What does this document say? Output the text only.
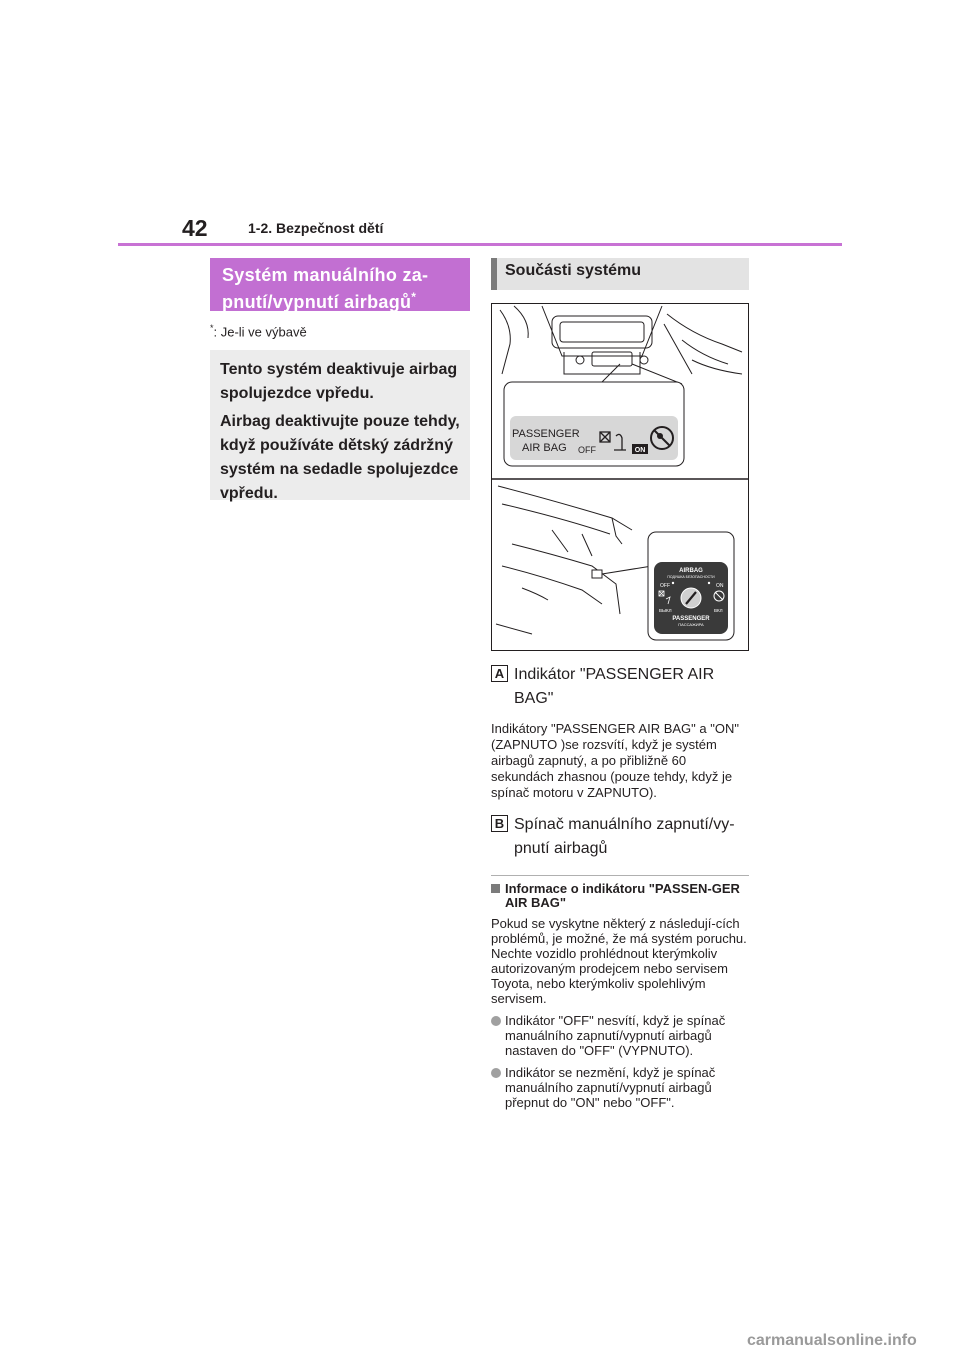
42	1-2. Bezpečnost dětí
Systém manuálního za-
pnutí/vypnutí airbagů*
*: Je-li ve výbavě

Tento systém deaktivuje airbag spolujezdce vpředu.

Airbag deaktivujte pouze tehdy, když používáte dětský zádržný systém na sedadle spolujezdce vpředu.

Součásti systému
PASSENGER
AIR BAG OFF	ON
AIRBAG
ПОДУШКА БЕЗОПАСНОСТИ
OFF	ON
ВЫКЛ	ВКЛ
PASSENGER
ПАССАЖИРА
A Indikátor "PASSENGER AIR BAG"
Indikátory "PASSENGER AIR BAG" a "ON" (ZAPNUTO )se rozsvítí, když je systém airbagů zapnutý, a po přibližně 60 sekundách zhasnou (pouze tehdy, když je spínač motoru v ZAPNUTO).
B Spínač manuálního zapnutí/vy-pnutí airbagů
Informace o indikátoru "PASSEN-GER AIR BAG"
Pokud se vyskytne některý z následují-cích problémů, je možné, že má systém poruchu. Nechte vozidlo prohlédnout kterýmkoliv autorizovaným prodejcem nebo servisem Toyota, nebo kterýmkoliv spolehlivým servisem.
Indikátor "OFF" nesvítí, když je spínač manuálního zapnutí/vypnutí airbagů nastaven do "OFF" (VYPNUTO).
Indikátor se nezmění, když je spínač manuálního zapnutí/vypnutí airbagů přepnut do "ON" nebo "OFF".
carmanualsonline.info
